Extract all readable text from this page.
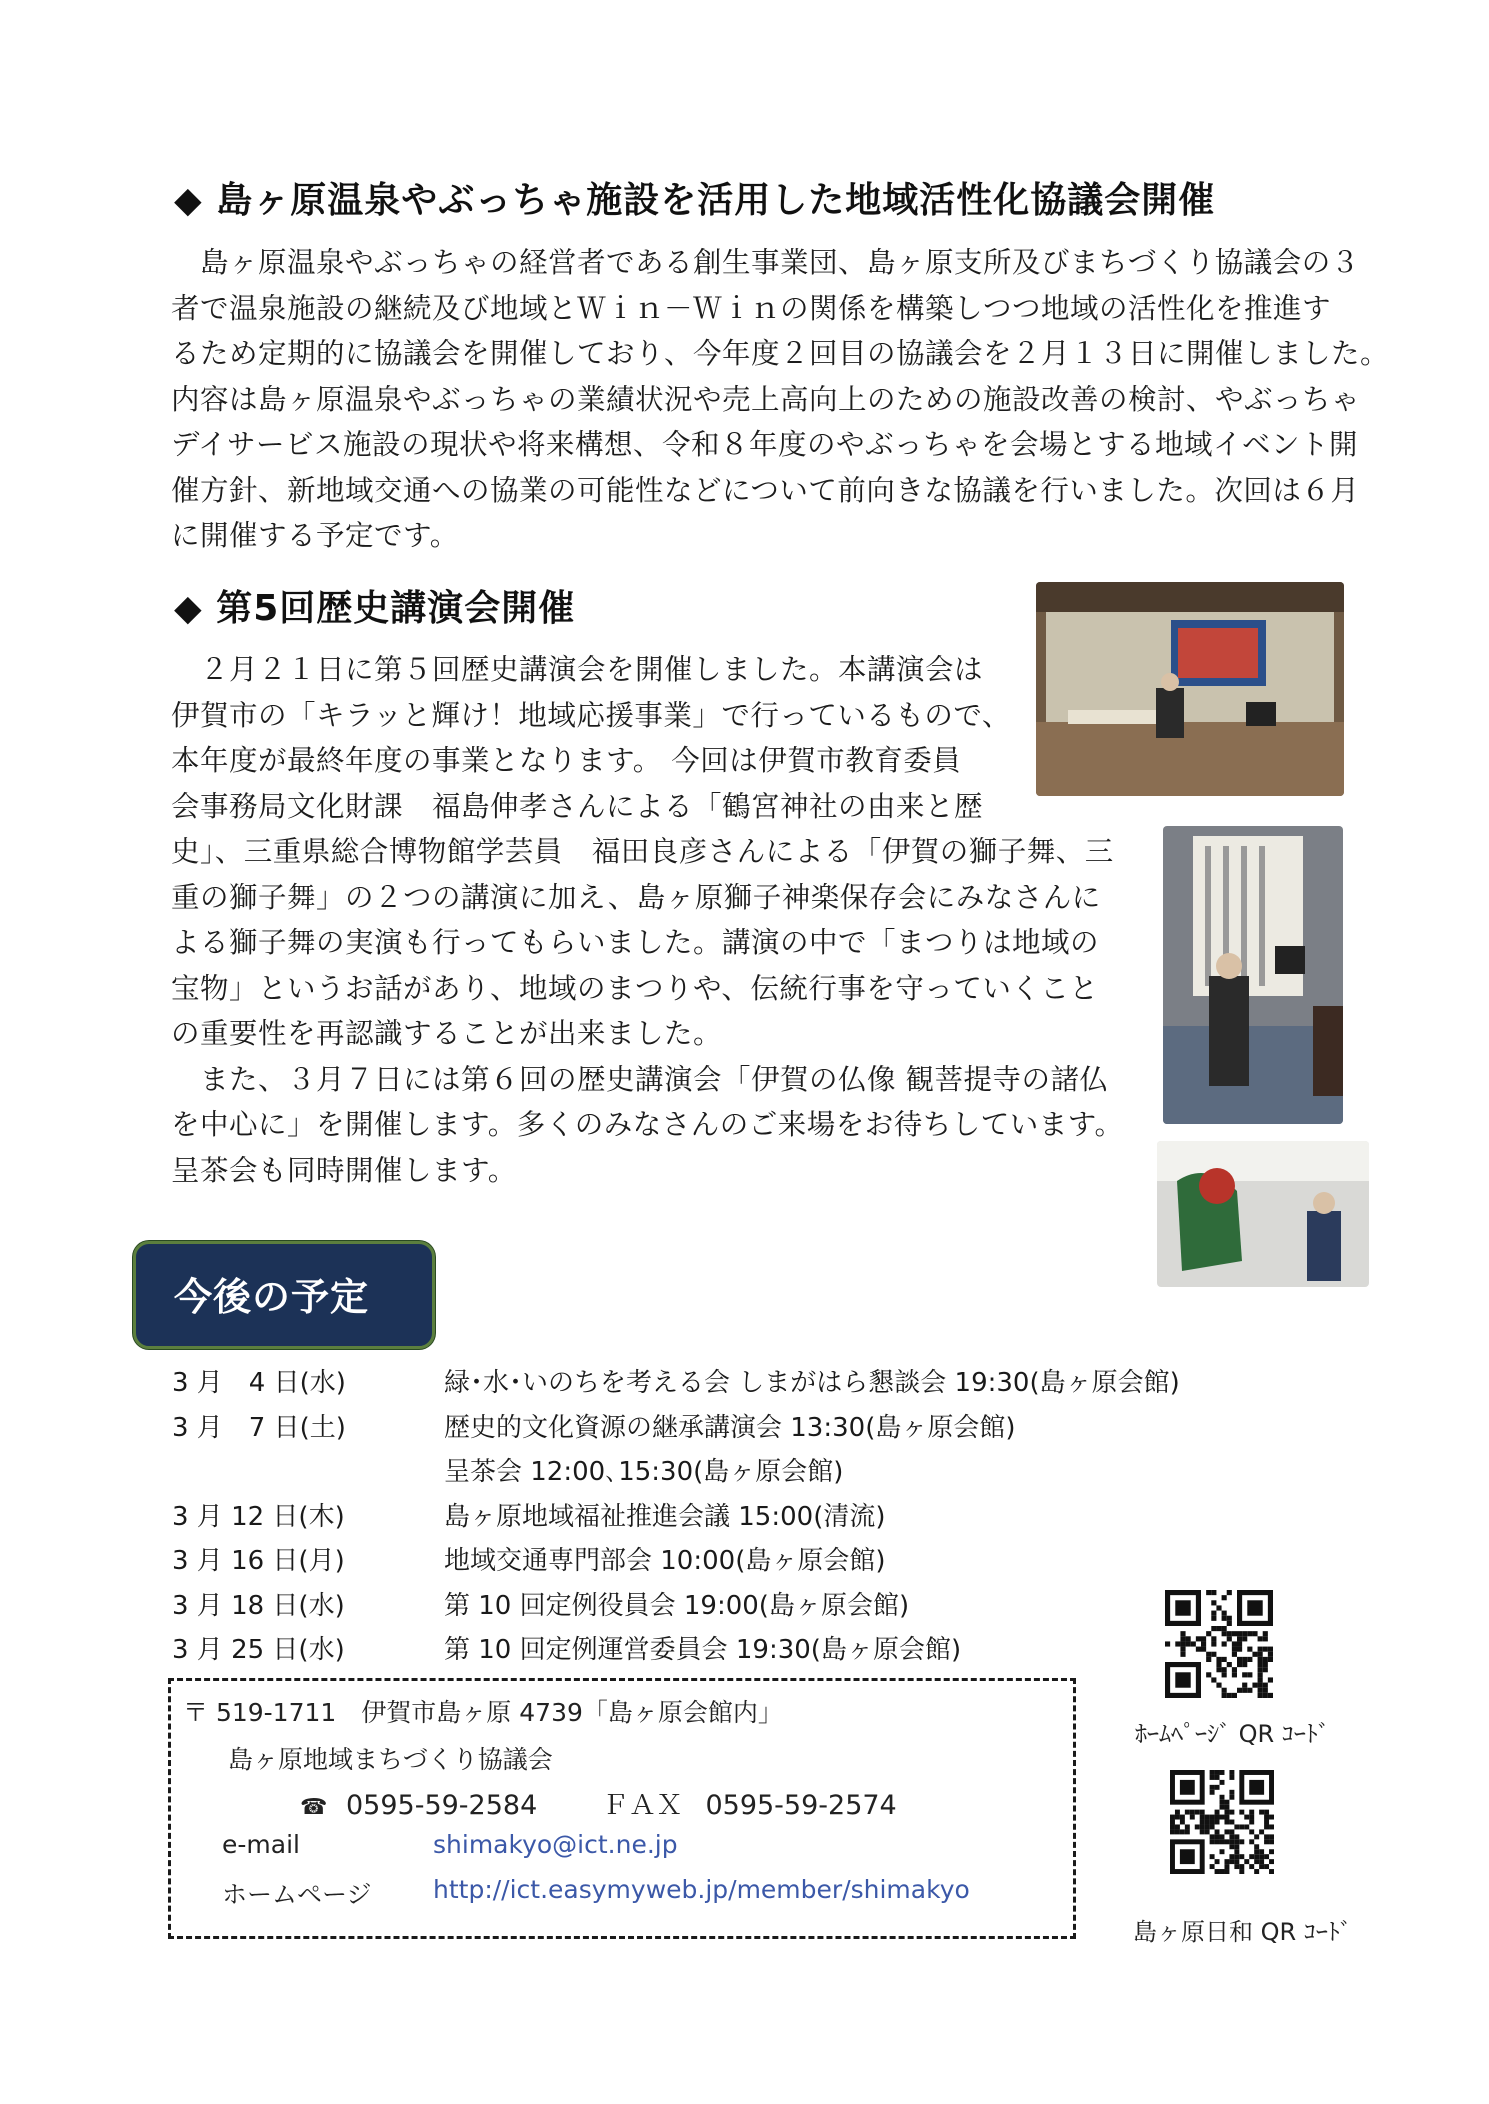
◆ 島ヶ原温泉やぶっちゃ施設を活用した地域活性化協議会開催

　島ヶ原温泉やぶっちゃの経営者である創生事業団、島ヶ原支所及びまちづくり協議会の３

者で温泉施設の継続及び地域とＷｉｎ－Ｗｉｎの関係を構築しつつ地域の活性化を推進す

るため定期的に協議会を開催しており、今年度２回目の協議会を２月１３日に開催しました。

内容は島ヶ原温泉やぶっちゃの業績状況や売上高向上のための施設改善の検討、やぶっちゃ

デイサービス施設の現状や将来構想、令和８年度のやぶっちゃを会場とする地域イベント開

催方針、新地域交通への協業の可能性などについて前向きな協議を行いました。次回は６月

に開催する予定です。

◆ 第5回歴史講演会開催

　２月２１日に第５回歴史講演会を開催しました。本講演会は

伊賀市の「キラッと輝け！地域応援事業」で行っているもので、

本年度が最終年度の事業となります。 今回は伊賀市教育委員

会事務局文化財課　福島伸孝さんによる「鶴宮神社の由来と歴

史」、三重県総合博物館学芸員　福田良彦さんによる「伊賀の獅子舞、三

重の獅子舞」の２つの講演に加え、島ヶ原獅子神楽保存会にみなさんに

よる獅子舞の実演も行ってもらいました。講演の中で「まつりは地域の

宝物」というお話があり、地域のまつりや、伝統行事を守っていくこと

の重要性を再認識することが出来ました。

　また、３月７日には第６回の歴史講演会「伊賀の仏像 観菩提寺の諸仏

を中心に」を開催します。多くのみなさんのご来場をお待ちしています。

呈茶会も同時開催します。

今後の予定
3 月　4 日(水)	緑･水･いのちを考える会 しまがはら懇談会 19:30(島ヶ原会館)
3 月　7 日(土)	歴史的文化資源の継承講演会 13:30(島ヶ原会館)
呈茶会 12:00､15:30(島ヶ原会館)
3 月 12 日(木)	島ヶ原地域福祉推進会議 15:00(清流)
3 月 16 日(月)	地域交通専門部会 10:00(島ヶ原会館)
3 月 18 日(水)	第 10 回定例役員会 19:00(島ヶ原会館)
3 月 25 日(水)	第 10 回定例運営委員会 19:30(島ヶ原会館)
〒 519-1711　伊賀市島ヶ原 4739「島ヶ原会館内」
島ヶ原地域まちづくり協議会
☎ 0595-59-2584 ＦＡＸ 0595-59-2574
e-mail	shimakyo@ict.ne.jp
ホームページ http://ict.easymyweb.jp/member/shimakyo
ﾎｰﾑﾍﾟｰｼﾞ QR ｺｰﾄﾞ
島ヶ原日和 QR ｺｰﾄﾞ
